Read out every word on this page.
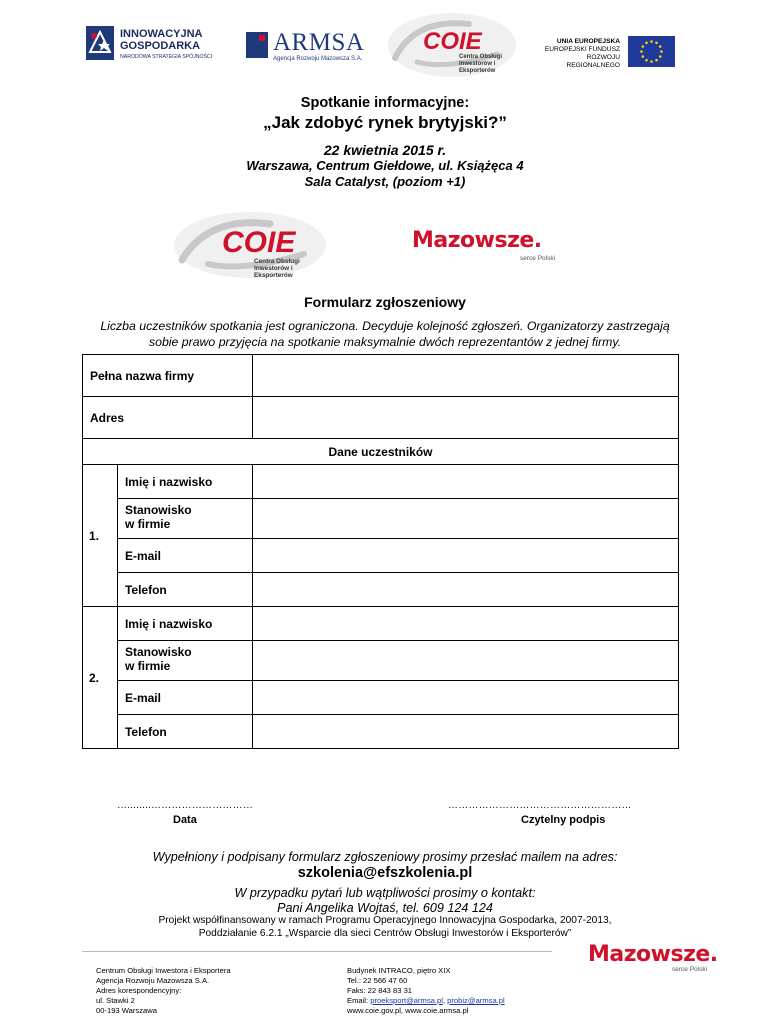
INNOWACYJNA
GOSPODARKA
NARODOWA STRATEGIA SPÓJNOŚCI
ARMSA
Agencja Rozwoju Mazowsza S.A.
COIE
Centra Obsługi
Inwestorów i Eksporterów
UNIA EUROPEJSKA
EUROPEJSKI FUNDUSZ
ROZWOJU REGIONALNEGO
Spotkanie informacyjne:
„Jak zdobyć rynek brytyjski?”
22 kwietnia 2015 r.
Warszawa, Centrum Giełdowe, ul. Książęca 4
Sala Catalyst, (poziom +1)
COIE
Centra Obsługi
Inwestorów i Eksporterów
Mazowsze.
serce Polski
Formularz zgłoszeniowy
Liczba uczestników spotkania jest ograniczona. Decyduje kolejność zgłoszeń. Organizatorzy zastrzegają
sobie prawo przyjęcia na spotkanie maksymalnie dwóch reprezentantów z jednej firmy.
Pełna nazwa firmy		
Adres		
Dane uczestników		
1.	Imię i nazwisko	

	Stanowisko
w firmie	

	E-mail	
	Telefon	
2.	Imię i nazwisko	

	Stanowisko
w firmie	

	E-mail	
	Telefon	
…........…………………………	………………………………………………
Data	Czytelny podpis
Wypełniony i podpisany formularz zgłoszeniowy prosimy przesłać mailem na adres:
szkolenia@efszkolenia.pl
W przypadku pytań lub wątpliwości prosimy o kontakt:
Pani Angelika Wojtaś, tel. 609 124 124
Projekt współfinansowany w ramach Programu Operacyjnego Innowacyjna Gospodarka, 2007-2013,
Poddziałanie 6.2.1 „Wsparcie dla sieci Centrów Obsługi Inwestorów i Eksporterów”
Mazowsze.
serce Polski
Centrum Obsługi Inwestora i Eksportera
Agencja Rozwoju Mazowsza S.A.
Adres korespondencyjny:
ul. Stawki 2
00-193 Warszawa
Budynek INTRACO, piętro XIX
Tel.: 22 566 47 60
Faks: 22 843 83 31
Email: proeksport@armsa.pl, probiz@armsa.pl
www.coie.gov.pl, www.coie.armsa.pl
